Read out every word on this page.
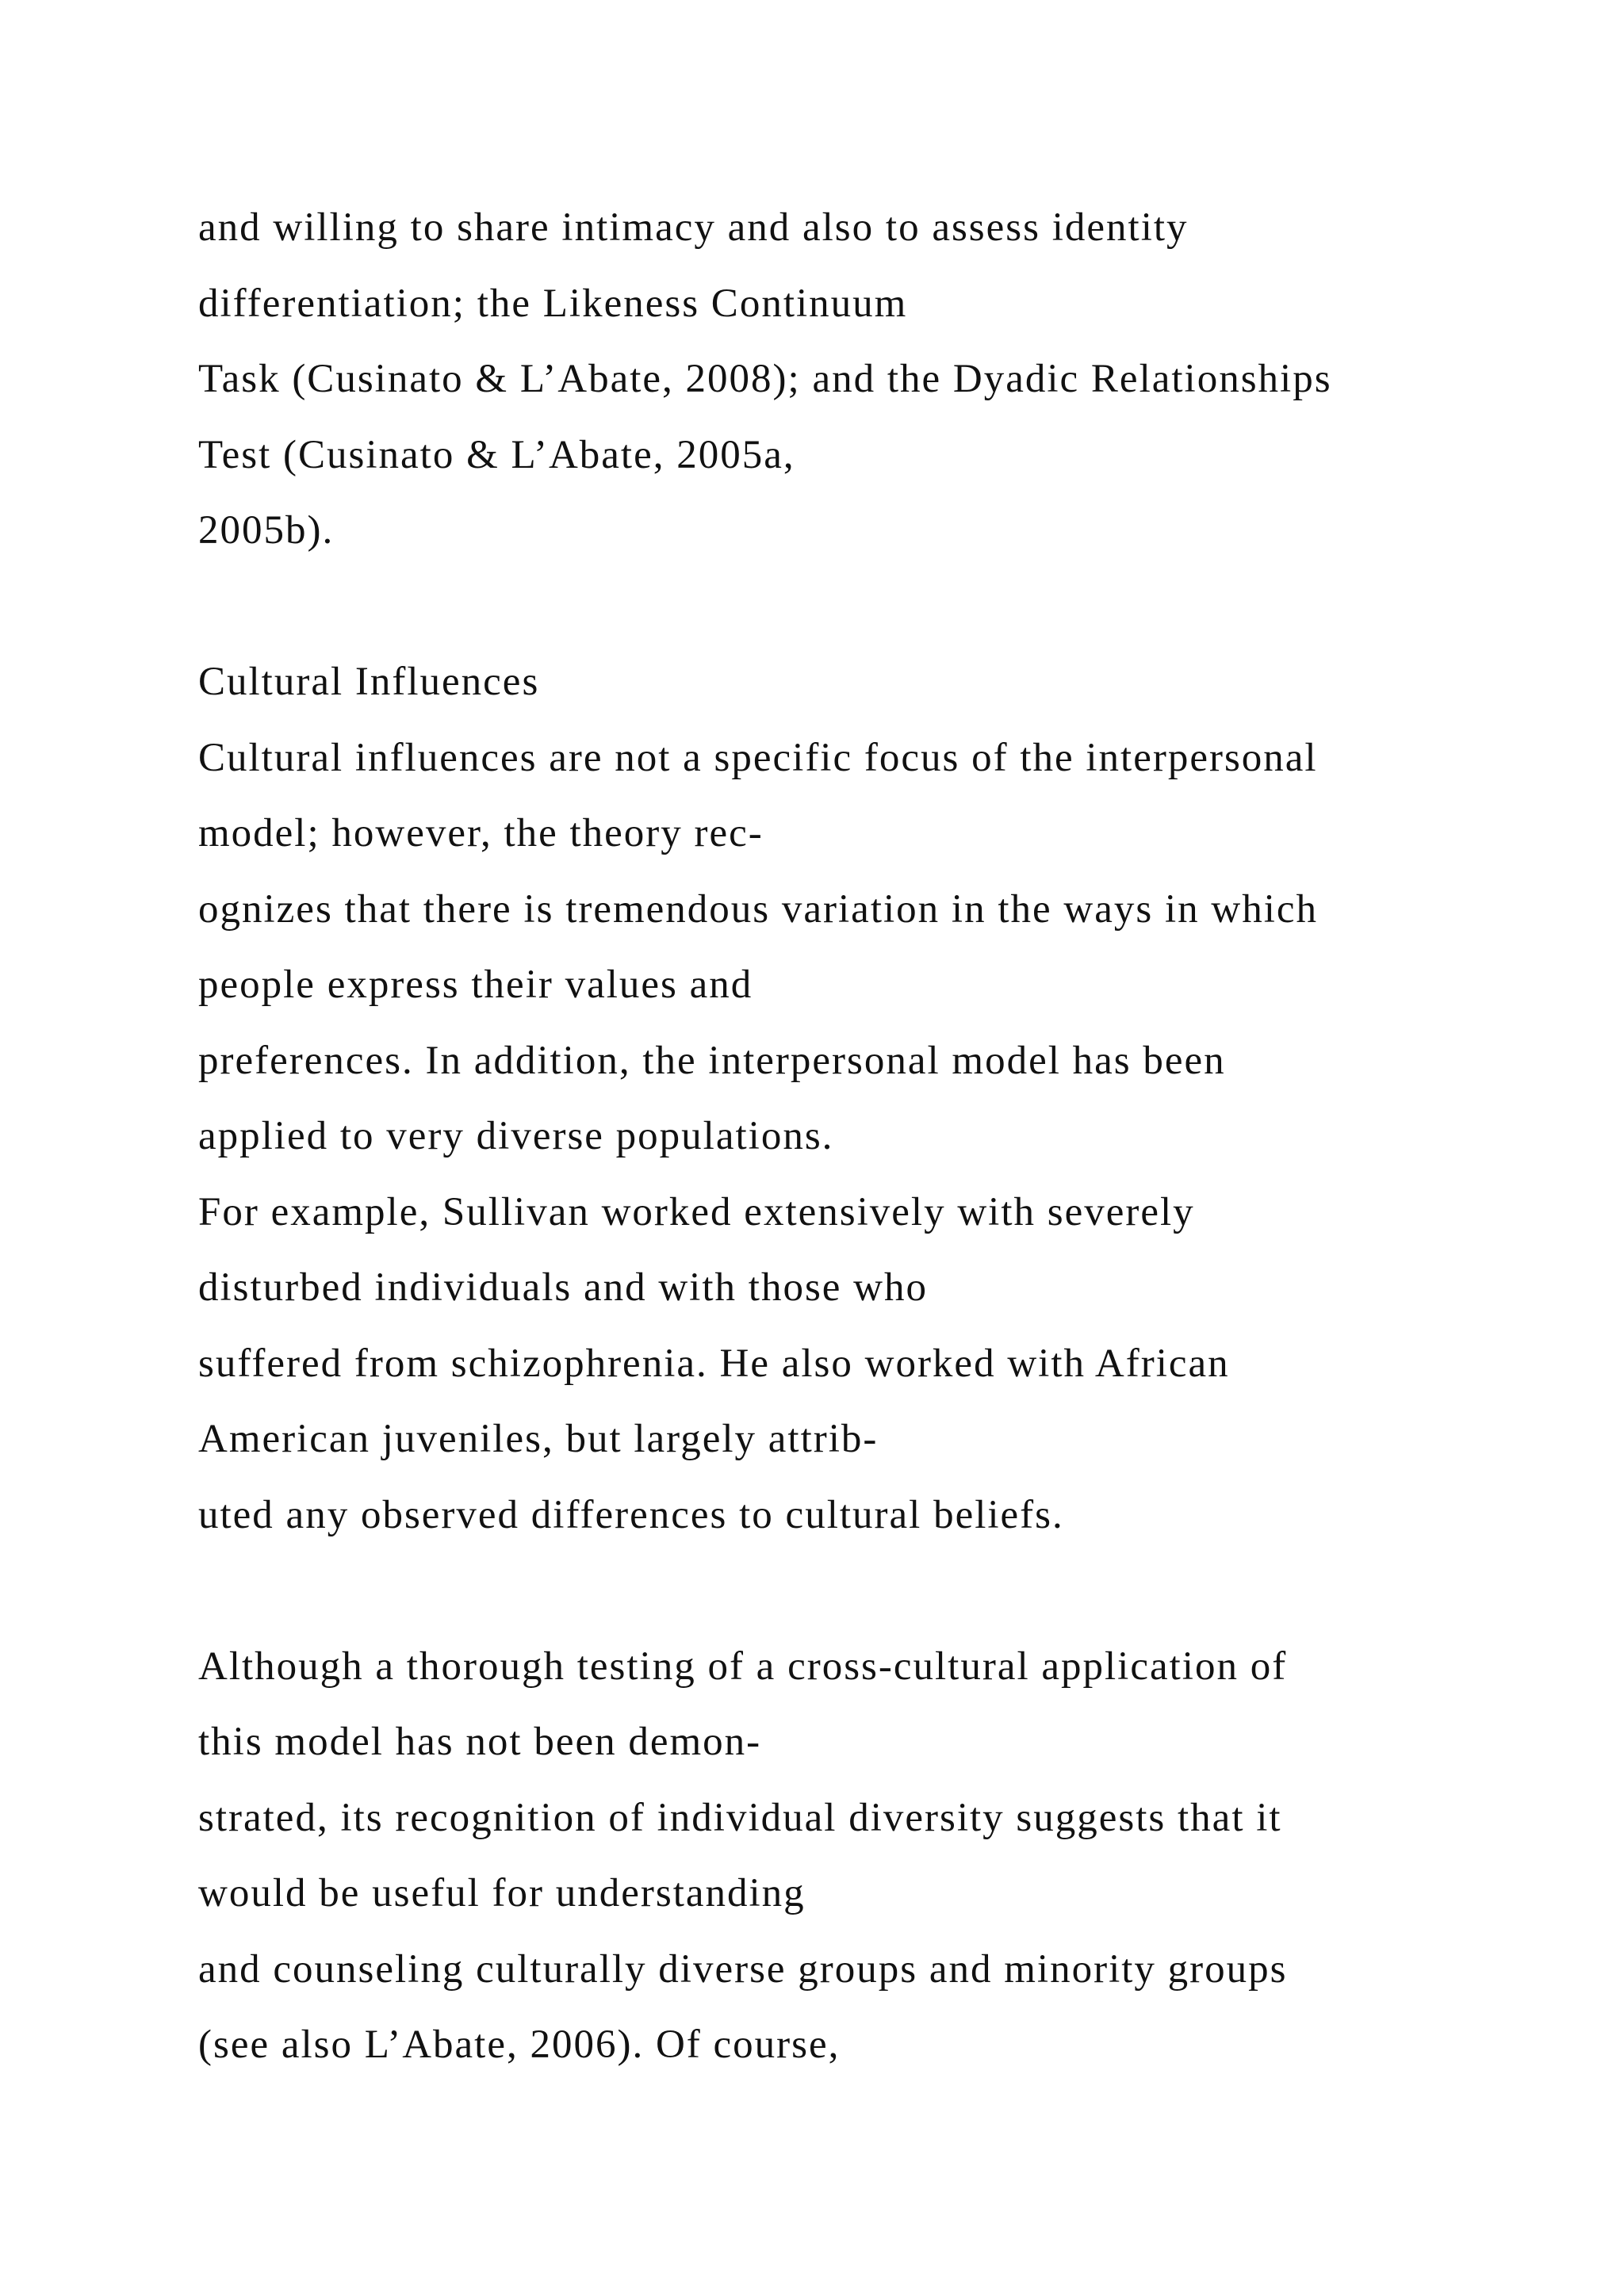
and willing to share intimacy and also to assess identity
differentiation; the Likeness Continuum
Task (Cusinato & L’Abate, 2008); and the Dyadic Relationships
Test (Cusinato & L’Abate, 2005a,
2005b).
Cultural Influences
Cultural influences are not a specific focus of the interpersonal
model; however, the theory rec-
ognizes that there is tremendous variation in the ways in which
people express their values and
preferences. In addition, the interpersonal model has been
applied to very diverse populations.
For example, Sullivan worked extensively with severely
disturbed individuals and with those who
suffered from schizophrenia. He also worked with African
American juveniles, but largely attrib-
uted any observed differences to cultural beliefs.
Although a thorough testing of a cross-cultural application of
this model has not been demon-
strated, its recognition of individual diversity suggests that it
would be useful for understanding
and counseling culturally diverse groups and minority groups
(see also L’Abate, 2006). Of course,
